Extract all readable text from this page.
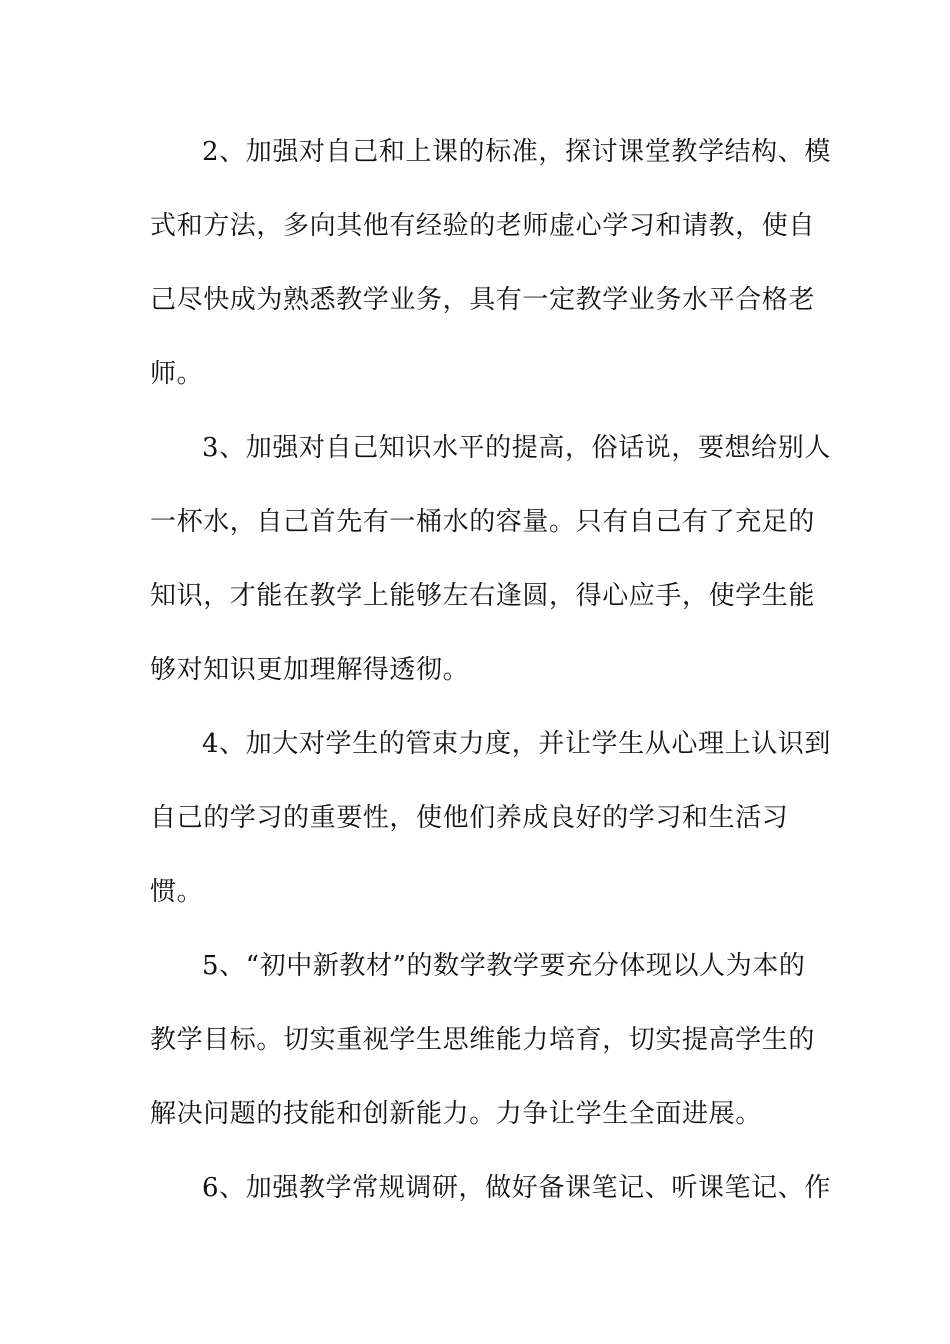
2、加强对自己和上课的标准，探讨课堂教学结构、模
式和方法，多向其他有经验的老师虚心学习和请教，使自
己尽快成为熟悉教学业务，具有一定教学业务水平合格老
师。
3、加强对自己知识水平的提高，俗话说，要想给别人
一杯水，自己首先有一桶水的容量。只有自己有了充足的
知识，才能在教学上能够左右逢圆，得心应手，使学生能
够对知识更加理解得透彻。
4、加大对学生的管束力度，并让学生从心理上认识到
自己的学习的重要性，使他们养成良好的学习和生活习
惯。
5、“初中新教材”的数学教学要充分体现以人为本的
教学目标。切实重视学生思维能力培育，切实提高学生的
解决问题的技能和创新能力。力争让学生全面进展。
6、加强教学常规调研，做好备课笔记、听课笔记、作
